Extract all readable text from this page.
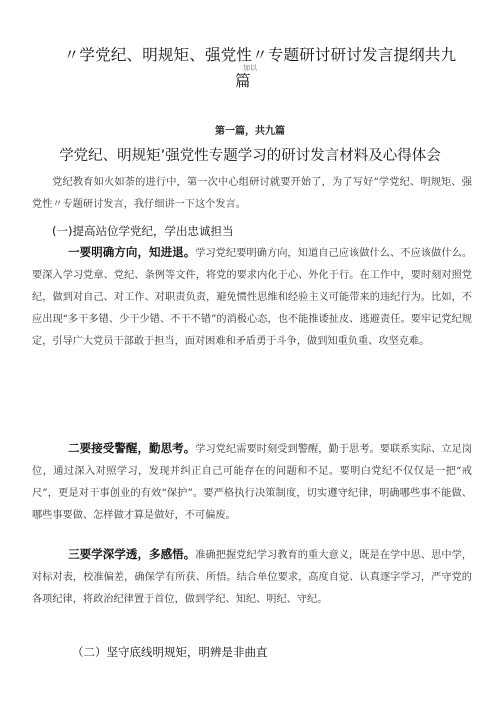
〃学党纪、明规矩、强党性〃专题研讨研讨发言提纲共九
加以
篇
第一篇，共九篇
学党纪、明规矩’强党性专题学习的研讨发言材料及心得体会

党纪教育如火如荼的进行中，第一次中心组研讨就要开始了，为了写好“学党纪、明规矩、强党性〃专题研讨发言，我仔细讲一下这个发言。

(一)提高站位学党纪，学出忠诚担当

一要明确方向，知进退。学习党纪要明确方向，知道自己应该做什么、不应该做什么。要深入学习党章、党纪、条例等文件，将党的要求内化于心、外化于行。在工作中，要时刻对照党纪，做到对自己、对工作、对职责负责，避免惯性思维和经验主义可能带来的违纪行为。比如，不应出现“多干多错、少干少错、不干不错”的消极心态，也不能推诿扯皮、逃避责任。要牢记党纪规定，引导广大党员干部敢于担当，面对困难和矛盾勇于斗争，做到知重负重、攻坚克难。

二要接受警醒，勤思考。学习党纪需要时刻受到警醒，勤于思考。要联系实际、立足岗位，通过深入对照学习，发现并纠正自己可能存在的问题和不足。要明白党纪不仅仅是一把“戒尺”，更是对干事创业的有效“保护”。要严格执行决策制度，切实遵守纪律，明确哪些事不能做、哪些事要做、怎样做才算是做好，不可偏废。

三要学深学透，多感悟。准确把握党纪学习教育的重大意义，既是在学中思、思中学，对标对表，校准偏差，确保学有所获、所悟。结合单位要求，高度自觉、认真逐字学习，严守党的各项纪律，将政治纪律置于首位，做到学纪、知纪、明纪、守纪。

（二）坚守底线明规矩，明辨是非曲直
